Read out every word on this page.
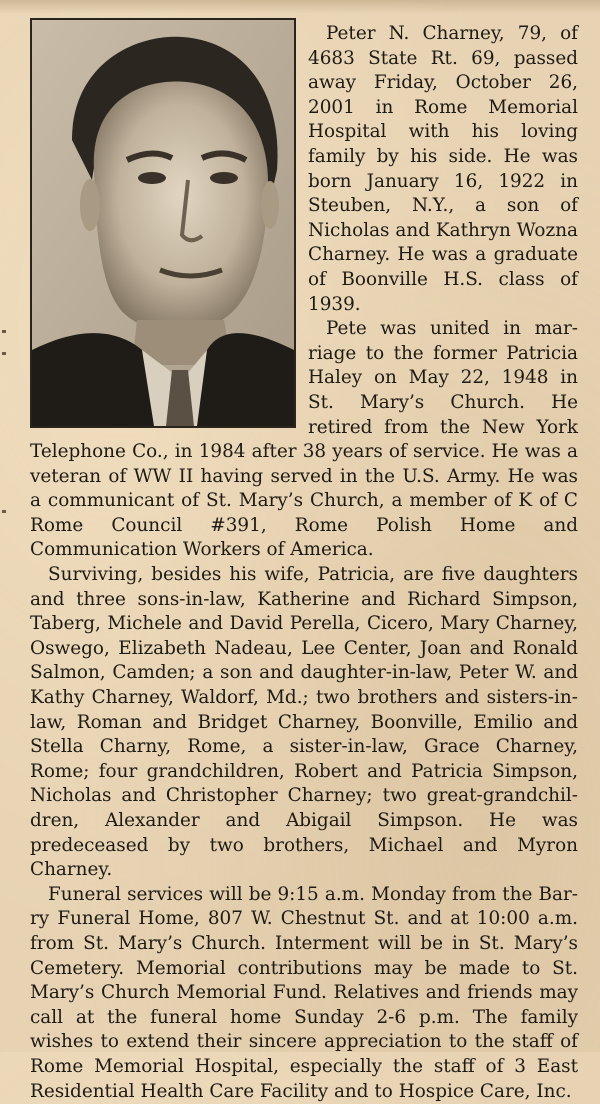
Peter N. Charney, 79, of 4683 State Rt. 69, passed away Friday, October 26, 2001 in Rome Memorial Hospital with his loving family by his side. He was born January 16, 1922 in Steuben, N.Y., a son of Nicholas and Kathryn Wozna Charney. He was a graduate of Boonville H.S. class of 1939.

Pete was united in marriage to the former Patricia Haley on May 22, 1948 in St. Mary’s Church. He retired from the New York Telephone Co., in 1984 after 38 years of service. He was a veteran of WW II having served in the U.S. Army. He was a communicant of St. Mary’s Church, a member of K of C Rome Council #391, Rome Polish Home and Communication Workers of America.

Surviving, besides his wife, Patricia, are five daughters and three sons-in-law, Katherine and Richard Simpson, Taberg, Michele and David Perella, Cicero, Mary Charney, Oswego, Elizabeth Nadeau, Lee Center, Joan and Ronald Salmon, Camden; a son and daughter-in-law, Peter W. and Kathy Charney, Waldorf, Md.; two brothers and sisters-in-law, Roman and Bridget Charney, Boonville, Emilio and Stella Charny, Rome, a sister-in-law, Grace Charney, Rome; four grandchildren, Robert and Patricia Simpson, Nicholas and Christopher Charney; two great-grandchildren, Alexander and Abigail Simpson. He was predeceased by two brothers, Michael and Myron Charney.

Funeral services will be 9:15 a.m. Monday from the Barry Funeral Home, 807 W. Chestnut St. and at 10:00 a.m. from St. Mary’s Church. Interment will be in St. Mary’s Cemetery. Memorial contributions may be made to St. Mary’s Church Memorial Fund. Relatives and friends may call at the funeral home Sunday 2-6 p.m. The family wishes to extend their sincere appreciation to the staff of Rome Memorial Hospital, especially the staff of 3 East Residential Health Care Facility and to Hospice Care, Inc.
